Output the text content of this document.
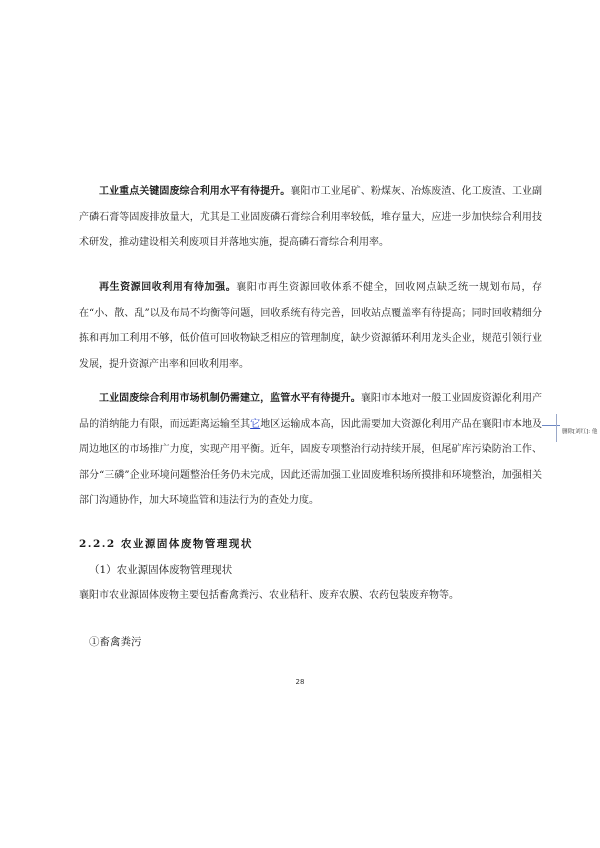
工业重点关键固废综合利用水平有待提升。襄阳市工业尾矿、粉煤灰、冶炼废渣、化工废渣、工业副产磷石膏等固废排放量大，尤其是工业固废磷石膏综合利用率较低，堆存量大，应进一步加快综合利用技术研发，推动建设相关利废项目并落地实施，提高磷石膏综合利用率。

再生资源回收利用有待加强。襄阳市再生资源回收体系不健全，回收网点缺乏统一规划布局，存在“小、散、乱”以及布局不均衡等问题，回收系统有待完善，回收站点覆盖率有待提高；同时回收精细分拣和再加工利用不够，低价值可回收物缺乏相应的管理制度，缺少资源循环利用龙头企业，规范引领行业发展，提升资源产出率和回收利用率。

工业固废综合利用市场机制仍需建立，监管水平有待提升。襄阳市本地对一般工业固废资源化利用产品的消纳能力有限，而远距离运输至其它地区运输成本高，因此需要加大资源化利用产品在襄阳市本地及周边地区的市场推广力度，实现产用平衡。近年，固废专项整治行动持续开展，但尾矿库污染防治工作、部分“三磷”企业环境问题整治任务仍未完成，因此还需加强工业固废堆积场所摸排和环境整治，加强相关部门沟通协作，加大环境监管和违法行为的查处力度。

删除[刘红]: 他

2.2.2 农业源固体废物管理现状

（1）农业源固体废物管理现状

襄阳市农业源固体废物主要包括畜禽粪污、农业秸秆、废弃农膜、农药包装废弃物等。

①畜禽粪污

28
